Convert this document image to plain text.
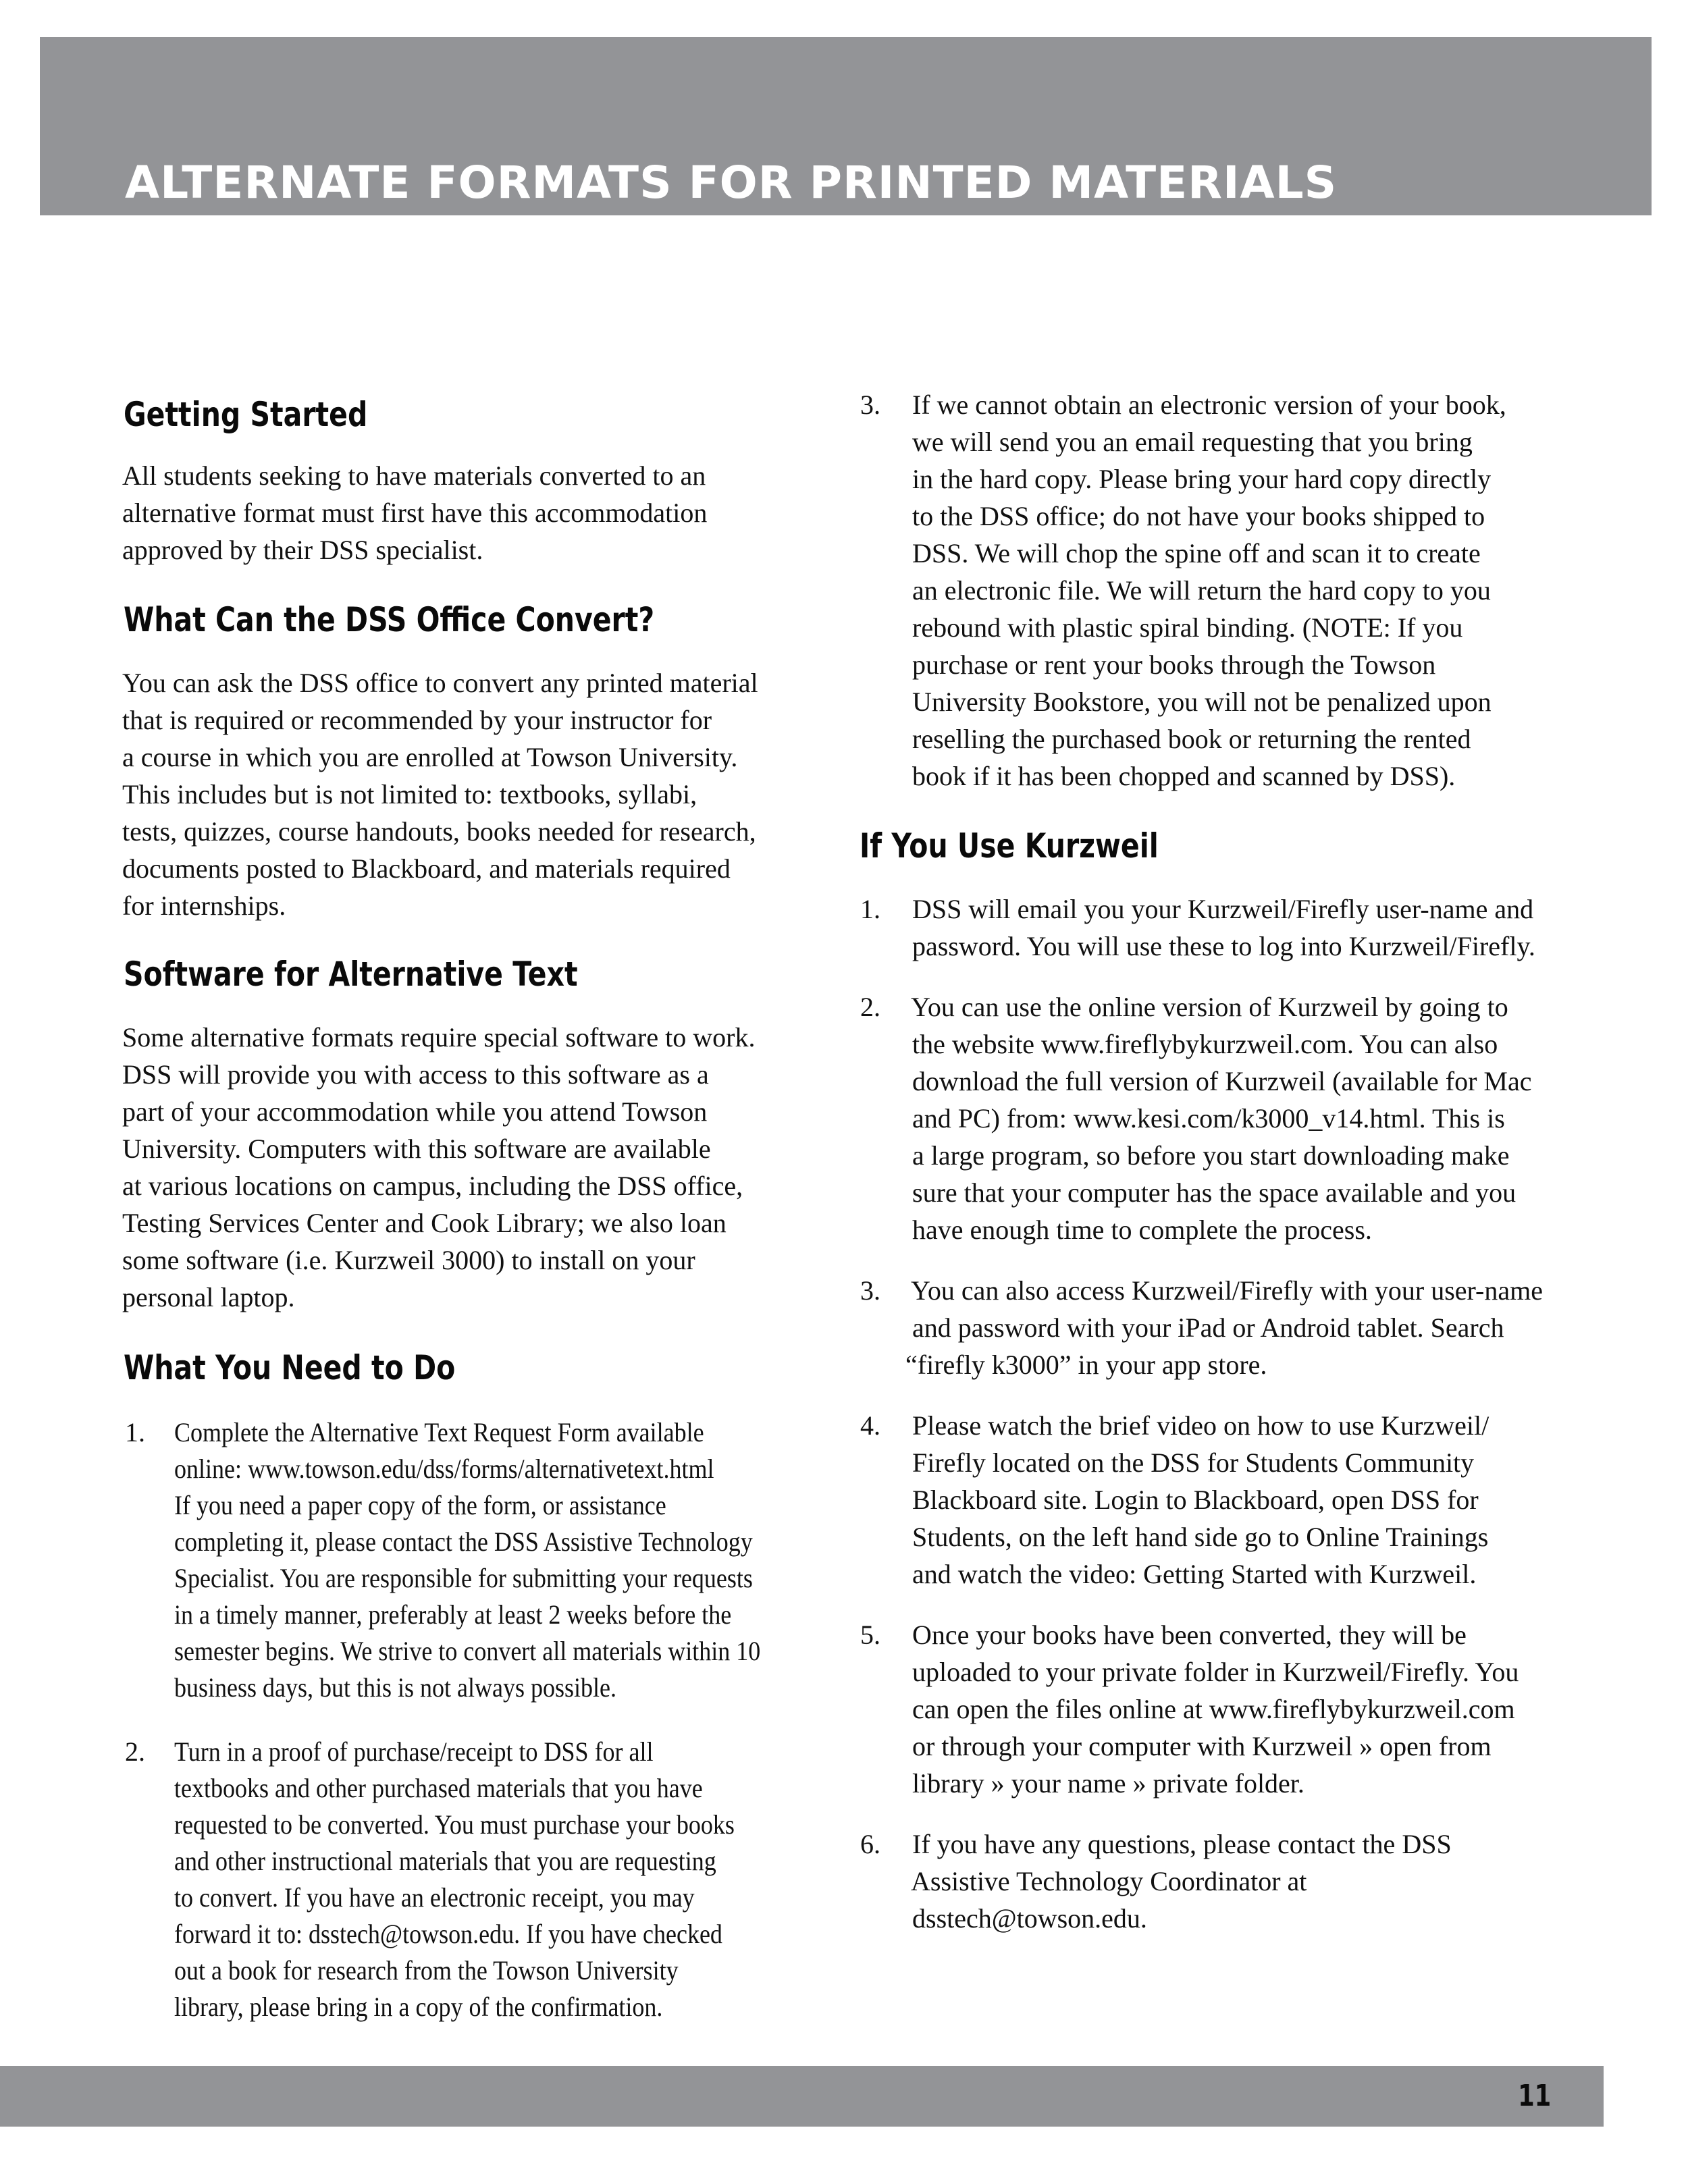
ALTERNATE FORMATS FOR PRINTED MATERIALS
Getting Started
All students seeking to have materials converted to an
alternative format must first have this accommodation
approved by their DSS specialist.
What Can the DSS Office Convert?
You can ask the DSS office to convert any printed material
that is required or recommended by your instructor for
a course in which you are enrolled at Towson University.
This includes but is not limited to: textbooks, syllabi,
tests, quizzes, course handouts, books needed for research,
documents posted to Blackboard, and materials required
for internships.
Software for Alternative Text
Some alternative formats require special software to work.
DSS will provide you with access to this software as a
part of your accommodation while you attend Towson
University. Computers with this software are available
at various locations on campus, including the DSS office,
Testing Services Center and Cook Library; we also loan
some software (i.e. Kurzweil 3000) to install on your
personal laptop.
What You Need to Do
1. Complete the Alternative Text Request Form available
online: www.towson.edu/dss/forms/alternativetext.html
If you need a paper copy of the form, or assistance
completing it, please contact the DSS Assistive Technology
Specialist. You are responsible for submitting your requests
in a timely manner, preferably at least 2 weeks before the
semester begins. We strive to convert all materials within 10
business days, but this is not always possible.
2. Turn in a proof of purchase/receipt to DSS for all
textbooks and other purchased materials that you have
requested to be converted. You must purchase your books
and other instructional materials that you are requesting
to convert. If you have an electronic receipt, you may
forward it to: dsstech@towson.edu. If you have checked
out a book for research from the Towson University
library, please bring in a copy of the confirmation.
3. If we cannot obtain an electronic version of your book,
we will send you an email requesting that you bring
in the hard copy. Please bring your hard copy directly
to the DSS office; do not have your books shipped to
DSS. We will chop the spine off and scan it to create
an electronic file. We will return the hard copy to you
rebound with plastic spiral binding. (NOTE: If you
purchase or rent your books through the Towson
University Bookstore, you will not be penalized upon
reselling the purchased book or returning the rented
book if it has been chopped and scanned by DSS).
If You Use Kurzweil
1. DSS will email you your Kurzweil/Firefly user-name and
password. You will use these to log into Kurzweil/Firefly.
2. You can use the online version of Kurzweil by going to
the website www.fireflybykurzweil.com. You can also
download the full version of Kurzweil (available for Mac
and PC) from: www.kesi.com/k3000_v14.html. This is
a large program, so before you start downloading make
sure that your computer has the space available and you
have enough time to complete the process.
3. You can also access Kurzweil/Firefly with your user-name
and password with your iPad or Android tablet. Search
“firefly k3000” in your app store.
4. Please watch the brief video on how to use Kurzweil/
Firefly located on the DSS for Students Community
Blackboard site. Login to Blackboard, open DSS for
Students, on the left hand side go to Online Trainings
and watch the video: Getting Started with Kurzweil.
5. Once your books have been converted, they will be
uploaded to your private folder in Kurzweil/Firefly. You
can open the files online at www.fireflybykurzweil.com
or through your computer with Kurzweil » open from
library » your name » private folder.
6. If you have any questions, please contact the DSS
Assistive Technology Coordinator at
dsstech@towson.edu.
11
